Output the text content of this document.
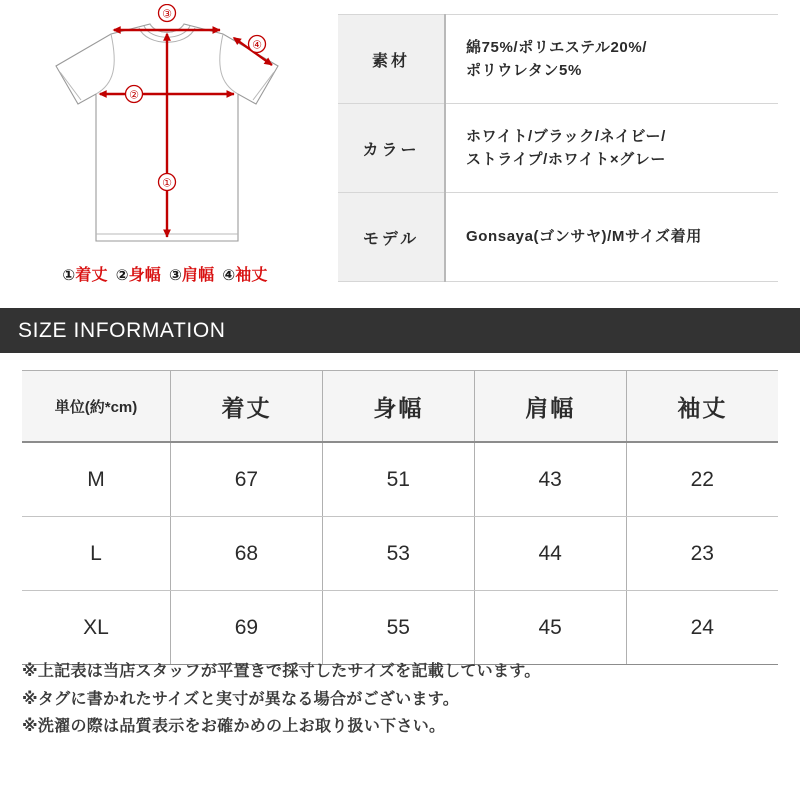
③
④
②
①
①着丈 ②身幅 ③肩幅 ④袖丈
素材	綿75%/ポリエステル20%/
ポリウレタン5%

カラー	ホワイト/ブラック/ネイビー/
ストライプ/ホワイト×グレー

モデル	Gonsaya(ゴンサヤ)/Mサイズ着用
SIZE INFORMATION
単位(約*cm)	着丈	身幅	肩幅	袖丈
M	67	51	43	22
L	68	53	44	23
XL	69	55	45	24
※上記表は当店スタッフが平置きで採寸したサイズを記載しています。
※タグに書かれたサイズと実寸が異なる場合がございます。
※洗濯の際は品質表示をお確かめの上お取り扱い下さい。
